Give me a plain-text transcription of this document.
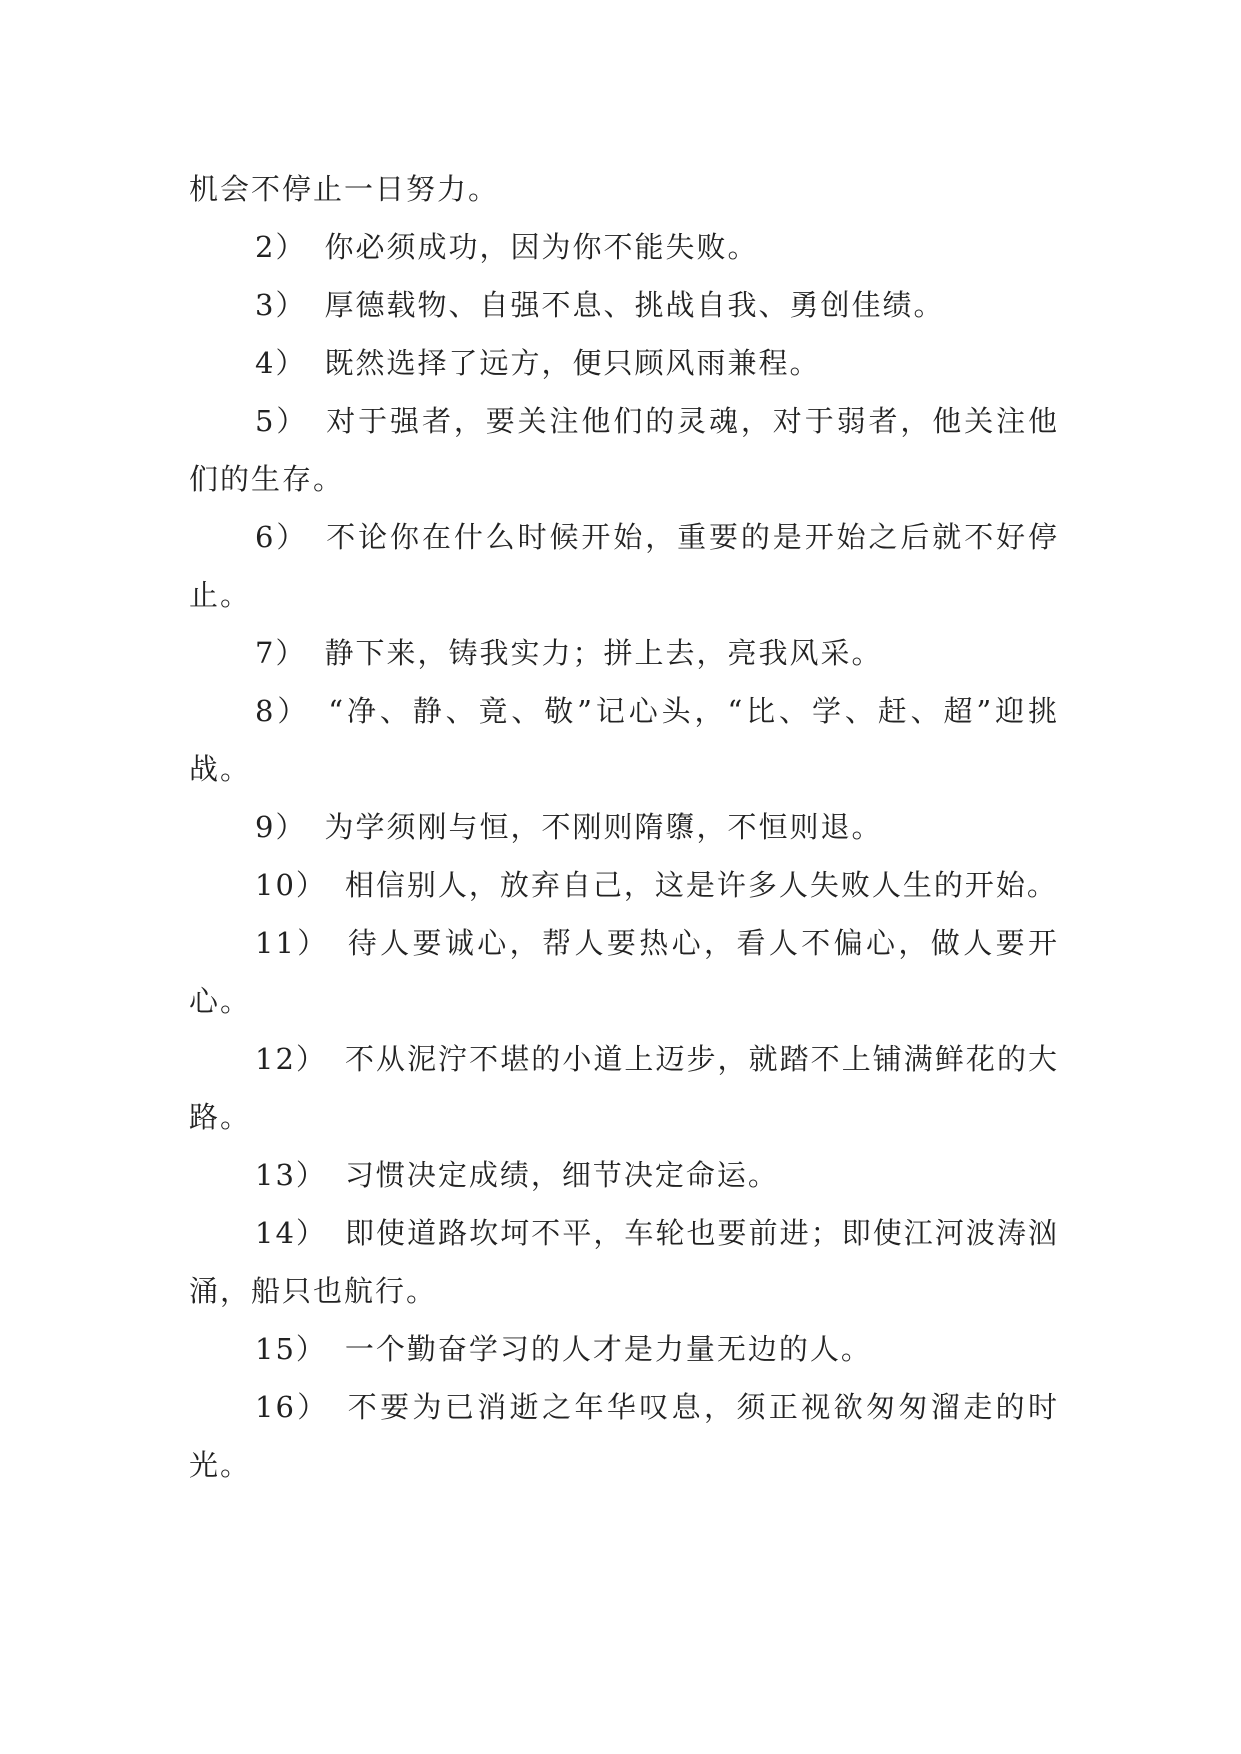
机会不停止一日努力。

2） 你必须成功，因为你不能失败。

3） 厚德载物、自强不息、挑战自我、勇创佳绩。

4） 既然选择了远方，便只顾风雨兼程。

5） 对于强者，要关注他们的灵魂，对于弱者，他关注他们的生存。

6） 不论你在什么时候开始，重要的是开始之后就不好停止。

7） 静下来，铸我实力；拼上去，亮我风采。

8） “净、静、竟、敬”记心头，“比、学、赶、超”迎挑战。

9） 为学须刚与恒，不刚则隋隳，不恒则退。

10） 相信别人，放弃自己，这是许多人失败人生的开始。

11） 待人要诚心，帮人要热心，看人不偏心，做人要开心。

12） 不从泥泞不堪的小道上迈步，就踏不上铺满鲜花的大路。

13） 习惯决定成绩，细节决定命运。

14） 即使道路坎坷不平，车轮也要前进；即使江河波涛汹涌，船只也航行。

15） 一个勤奋学习的人才是力量无边的人。

16） 不要为已消逝之年华叹息，须正视欲匆匆溜走的时光。
